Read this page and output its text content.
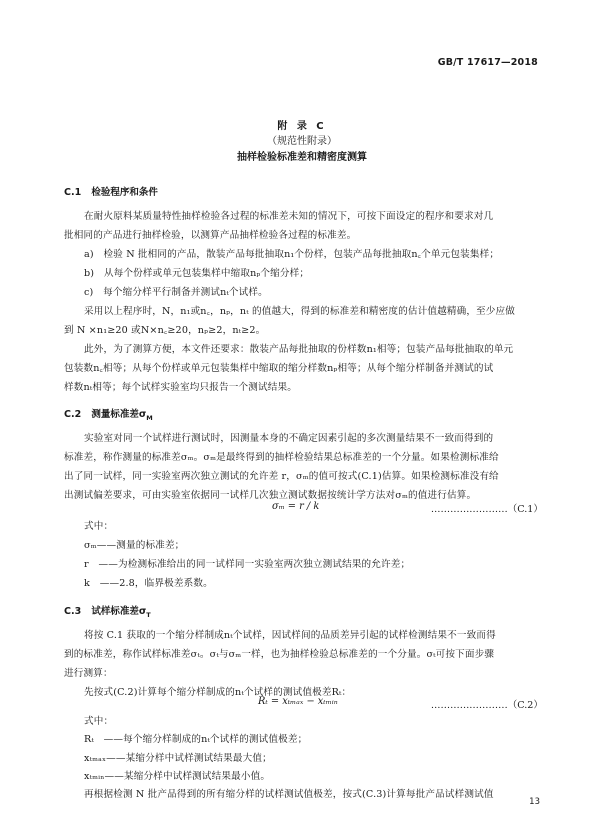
GB/T 17617—2018
附 录 C
（规范性附录）
抽样检验标准差和精密度测算
C.1 检验程序和条件
在耐火原料某质量特性抽样检验各过程的标准差未知的情况下，可按下面设定的程序和要求对几
批相同的产品进行抽样检验，以测算产品抽样检验各过程的标准差。
a)　检验 N 批相同的产品，散装产品每批抽取n₁个份样，包装产品每批抽取n꜀个单元包装集样；
b)　从每个份样或单元包装集样中缩取nₚ个缩分样；
c)　每个缩分样平行制备并测试nₜ个试样。
采用以上程序时，N，n₁或n꜀，nₚ，nₜ 的值越大，得到的标准差和精密度的估计值越精确，至少应做
到 N ×n₁≥20 或N×n꜀≥20，nₚ≥2，nₜ≥2。
此外，为了测算方便，本文件还要求：散装产品每批抽取的份样数n₁相等；包装产品每批抽取的单元
包装数n꜀相等；从每个份样或单元包装集样中缩取的缩分样数nₚ相等；从每个缩分样制备并测试的试
样数nₜ相等；每个试样实验室均只报告一个测试结果。
C.2 测量标准差$\sigma_M$
实验室对同一个试样进行测试时，因测量本身的不确定因素引起的多次测量结果不一致而得到的
标准差，称作测量的标准差σₘ。σₘ是最终得到的抽样检验结果总标准差的一个分量。如果检测标准给
出了同一试样，同一实验室两次独立测试的允许差 r，σₘ的值可按式(C.1)估算。如果检测标准没有给
出测试偏差要求，可由实验室依据同一试样几次独立测试数据按统计学方法对σₘ的值进行估算。
σₘ = r / k	……………………（C.1）
式中：
σₘ——测量的标准差；
r　——为检测标准给出的同一试样同一实验室两次独立测试结果的允许差；
k　——2.8，临界极差系数。
C.3 试样标准差$\sigma_T$
将按 C.1 获取的一个缩分样制成nₜ个试样，因试样间的品质差异引起的试样检测结果不一致而得
到的标准差，称作试样标准差σₜ。σₜ与σₘ一样，也为抽样检验总标准差的一个分量。σₜ可按下面步骤
进行测算：
先按式(C.2)计算每个缩分样制成的nₜ个试样的测试值极差Rₜ：
Rₜ = xₜₘₐₓ − xₜₘᵢₙ	……………………（C.2）
式中：
Rₜ　——每个缩分样制成的nₜ个试样的测试值极差；
xₜₘₐₓ——某缩分样中试样测试结果最大值；
xₜₘᵢₙ——某缩分样中试样测试结果最小值。
再根据检测 N 批产品得到的所有缩分样的试样测试值极差，按式(C.3)计算每批产品试样测试值
13
